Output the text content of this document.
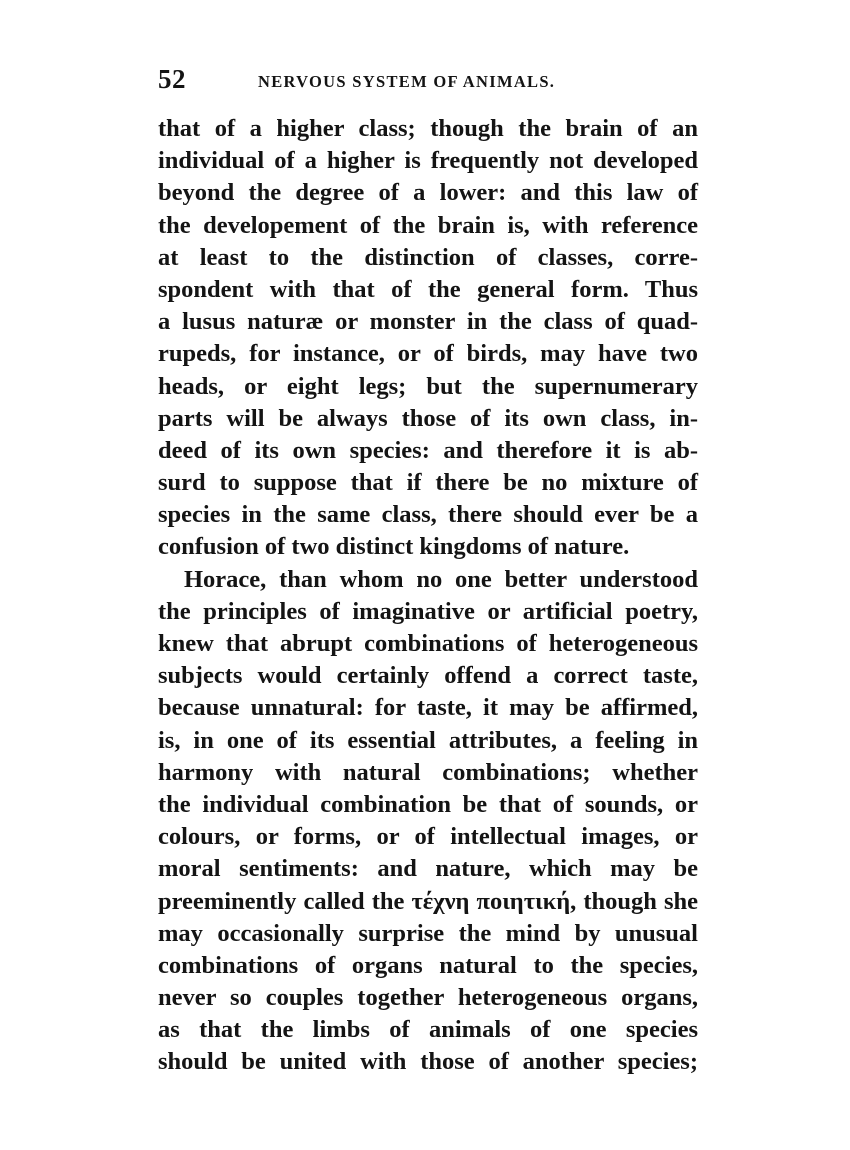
52	NERVOUS SYSTEM OF ANIMALS.
that of a higher class; though the brain of an
individual of a higher is frequently not developed
beyond the degree of a lower: and this law of
the developement of the brain is, with reference
at least to the distinction of classes, corre-
spondent with that of the general form. Thus
a lusus naturæ or monster in the class of quad-
rupeds, for instance, or of birds, may have two
heads, or eight legs; but the supernumerary
parts will be always those of its own class, in-
deed of its own species: and therefore it is ab-
surd to suppose that if there be no mixture of
species in the same class, there should ever be a
confusion of two distinct kingdoms of nature.
Horace, than whom no one better understood
the principles of imaginative or artificial poetry,
knew that abrupt combinations of heterogeneous
subjects would certainly offend a correct taste,
because unnatural: for taste, it may be affirmed,
is, in one of its essential attributes, a feeling in
harmony with natural combinations; whether
the individual combination be that of sounds, or
colours, or forms, or of intellectual images, or
moral sentiments: and nature, which may be
preeminently called the τέχνη ποιητική, though she
may occasionally surprise the mind by unusual
combinations of organs natural to the species,
never so couples together heterogeneous organs,
as that the limbs of animals of one species
should be united with those of another species;
